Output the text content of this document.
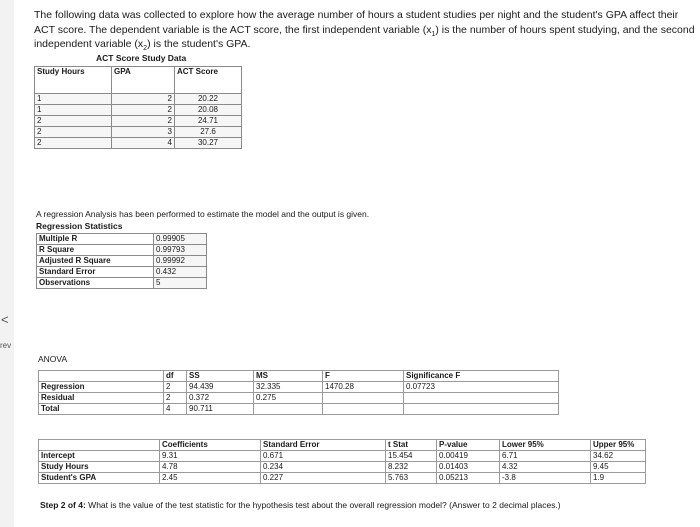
<
rev
The following data was collected to explore how the average number of hours a student studies per night and the student's GPA affect their ACT score. The dependent variable is the ACT score, the first independent variable $(x_1)$ is the number of hours spent studying, and the second independent variable $(x_2)$ is the student's GPA.
ACT Score Study Data
Study Hours	GPA	ACT Score
1	2	20.22
1	2	20.08
2	2	24.71
2	3	27.6
2	4	30.27
A regression Analysis has been performed to estimate the model and the output is given.
Regression Statistics
Multiple R	0.99905
R Square	0.99793
Adjusted R Square	0.99992
Standard Error	0.432
Observations	5
ANOVA
	df	SS	MS	F	Significance F
Regression	2	94.439	32.335	1470.28	0.07723
Residual	2	0.372	0.275		
Total	4	90.711			
	Coefficients	Standard Error	t Stat	P-value	Lower 95%	Upper 95%
Intercept	9.31	0.671	15.454	0.00419	6.71	34.62
Study Hours	4.78	0.234	8.232	0.01403	4.32	9.45
Student's GPA	2.45	0.227	5.763	0.05213	-3.8	1.9
Step 2 of 4: What is the value of the test statistic for the hypothesis test about the overall regression model? (Answer to 2 decimal places.)
